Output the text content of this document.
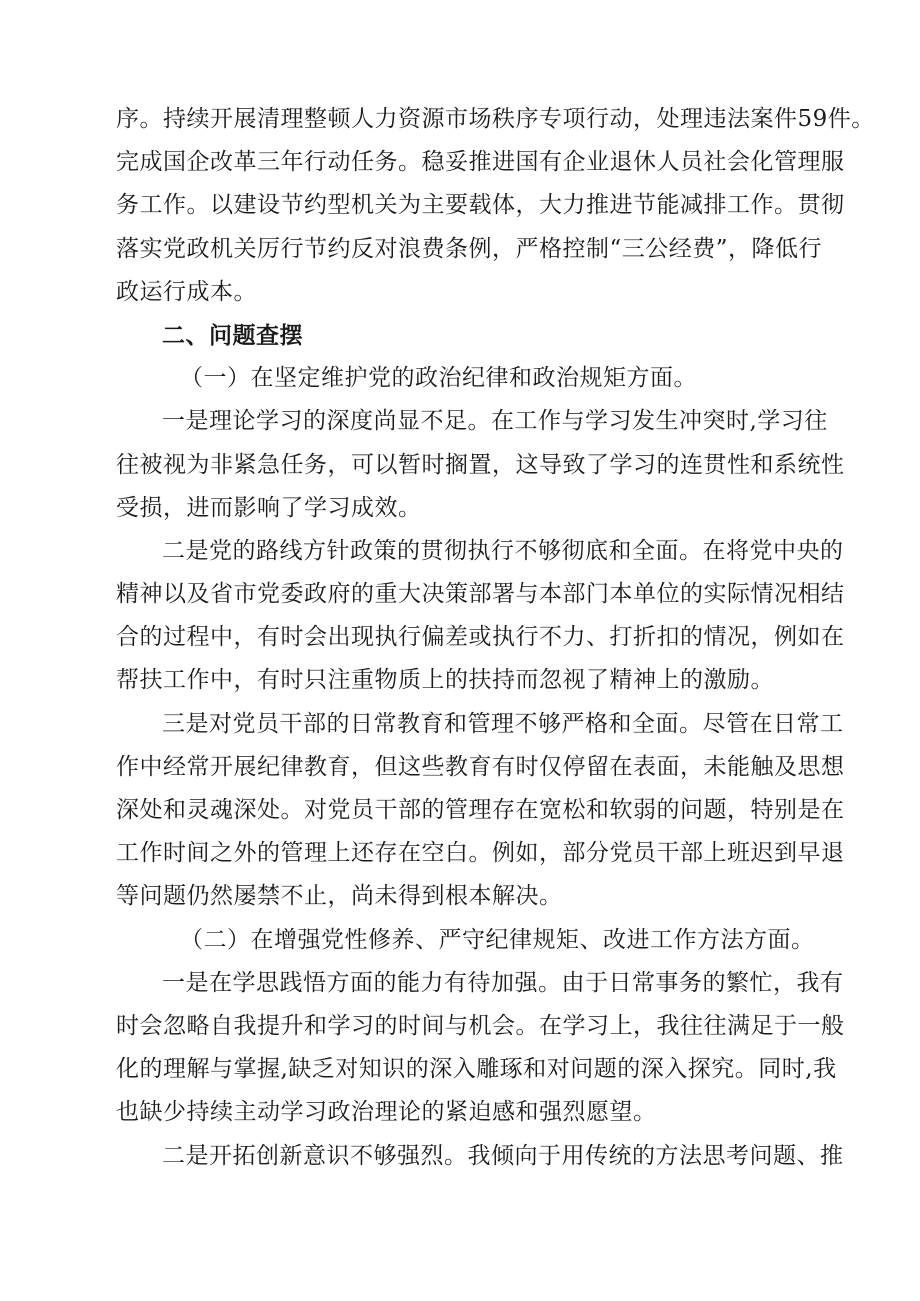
序。持续开展清理整顿人力资源市场秩序专项行动，处理违法案件59件。
完成国企改革三年行动任务。稳妥推进国有企业退休人员社会化管理服
务工作。以建设节约型机关为主要载体，大力推进节能减排工作。贯彻
落实党政机关厉行节约反对浪费条例，严格控制“三公经费”，降低行
政运行成本。
二、问题查摆
（一）在坚定维护党的政治纪律和政治规矩方面。
一是理论学习的深度尚显不足。在工作与学习发生冲突时,学习往
往被视为非紧急任务，可以暂时搁置，这导致了学习的连贯性和系统性
受损，进而影响了学习成效。
二是党的路线方针政策的贯彻执行不够彻底和全面。在将党中央的
精神以及省市党委政府的重大决策部署与本部门本单位的实际情况相结
合的过程中，有时会出现执行偏差或执行不力、打折扣的情况，例如在
帮扶工作中，有时只注重物质上的扶持而忽视了精神上的激励。
三是对党员干部的日常教育和管理不够严格和全面。尽管在日常工
作中经常开展纪律教育，但这些教育有时仅停留在表面，未能触及思想
深处和灵魂深处。对党员干部的管理存在宽松和软弱的问题，特别是在
工作时间之外的管理上还存在空白。例如，部分党员干部上班迟到早退
等问题仍然屡禁不止，尚未得到根本解决。
（二）在增强党性修养、严守纪律规矩、改进工作方法方面。
一是在学思践悟方面的能力有待加强。由于日常事务的繁忙，我有
时会忽略自我提升和学习的时间与机会。在学习上，我往往满足于一般
化的理解与掌握,缺乏对知识的深入雕琢和对问题的深入探究。同时,我
也缺少持续主动学习政治理论的紧迫感和强烈愿望。
二是开拓创新意识不够强烈。我倾向于用传统的方法思考问题、推
